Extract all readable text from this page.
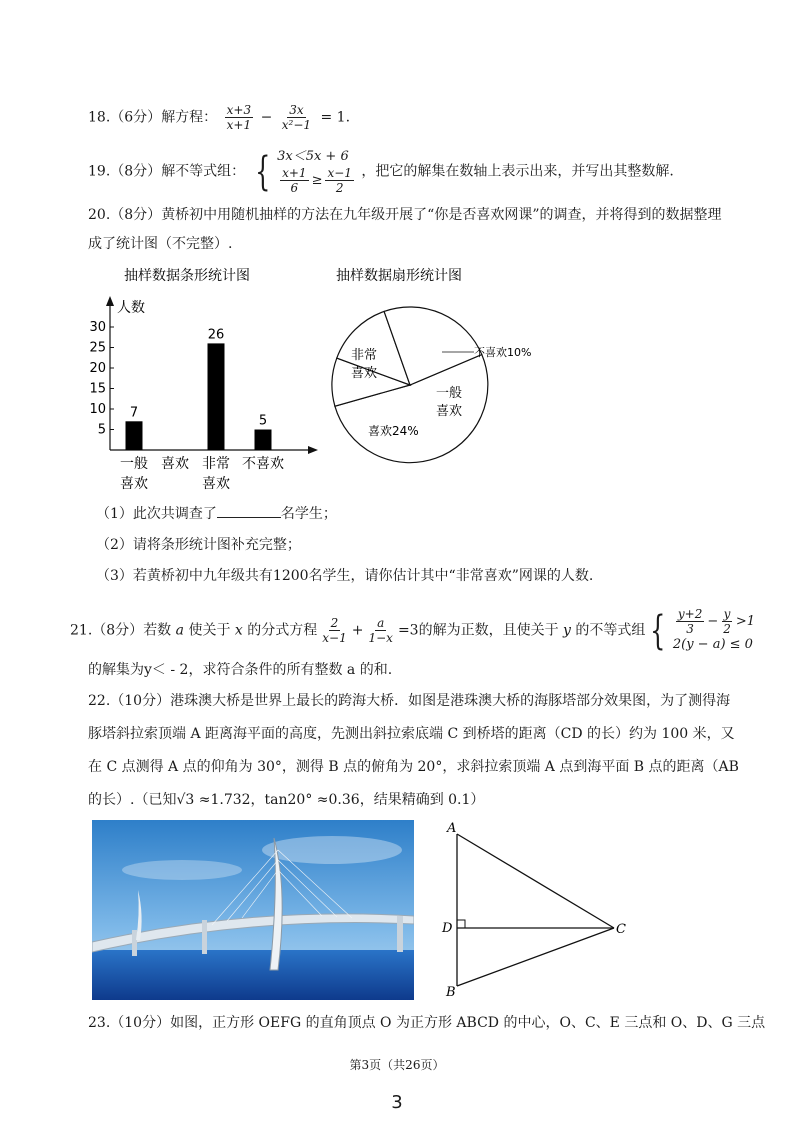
18.（6分）解方程： $\frac{x+3}{x+1} - \frac{3x}{\text{x²−1}} = 1$.
19.（8分）解不等式组： { 3x＜5x + 6
$\frac{x+1}{6} \ge \frac{x-1}{2}$ ，把它的解集在数轴上表示出来，并写出其整数解.
20.（8分）黄桥初中用随机抽样的方法在九年级开展了“你是否喜欢网课”的调查，并将得到的数据整理
成了统计图（不完整）.
抽样数据条形统计图
人数
5
10
15
20
25
30
7
26
5
一般
喜欢
喜欢 非常
喜欢
不喜欢
抽样数据扇形统计图
非常
喜欢
不喜欢10%
一般
喜欢
喜欢24%
（1）此次共调查了	名学生；
（2）请将条形统计图补充完整；
（3）若黄桥初中九年级共有1200名学生，请你估计其中“非常喜欢”网课的人数.
21.（8分）若数 a 使关于 x 的分式方程 $\frac{2}{x-1} + \frac{a}{1-x} =3$的解为正数，且使关于 y 的不等式组 { $\frac{y+2}{3} - \frac{y}{2} >1$
2(y − a) ≤ 0
的解集为y＜ - 2，求符合条件的所有整数 a 的和.
22.（10分）港珠澳大桥是世界上最长的跨海大桥．如图是港珠澳大桥的海豚塔部分效果图，为了测得海
豚塔斜拉索顶端 A 距离海平面的高度，先测出斜拉索底端 C 到桥塔的距离（CD 的长）约为 100 米，又
在 C 点测得 A 点的仰角为 30°，测得 B 点的俯角为 20°，求斜拉索顶端 A 点到海平面 B 点的距离（AB
的长）.（已知√3 ≈1.732，tan20° ≈0.36，结果精确到 0.1）
A
D	C
B
23.（10分）如图，正方形 OEFG 的直角顶点 O 为正方形 ABCD 的中心，O、C、E 三点和 O、D、G 三点
第3页（共26页）
3
